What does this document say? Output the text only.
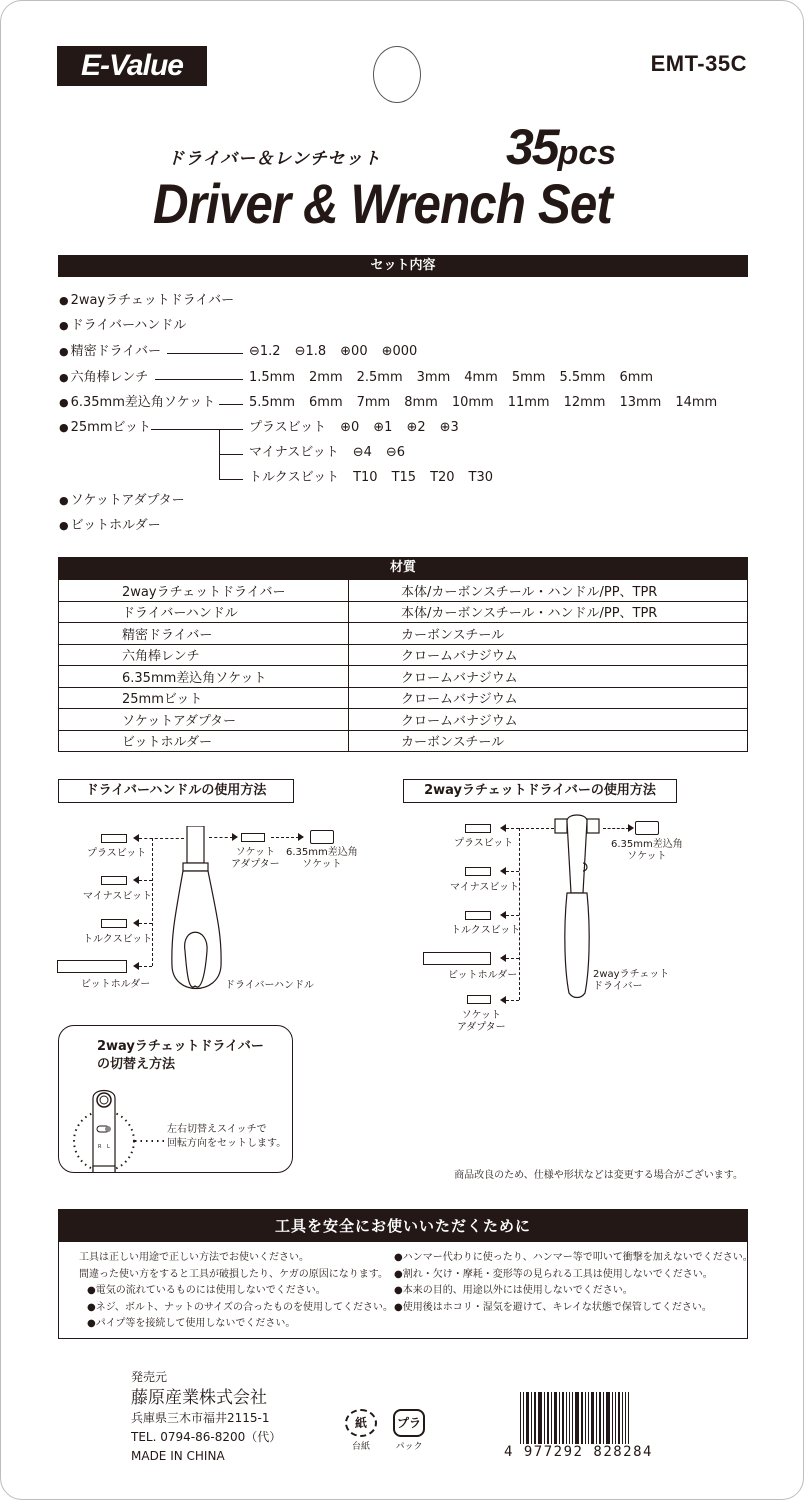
E-Value	EMT-35C
ドライバー＆レンチセット 35pcs
Driver & Wrench Set
セット内容
● 2wayラチェットドライバー
● ドライバーハンドル
● 精密ドライバー	⊖1.2 ⊖1.8 ⊕00 ⊕000
● 六角棒レンチ	1.5mm 2mm 2.5mm 3mm 4mm 5mm 5.5mm 6mm
● 6.35mm差込角ソケット	5.5mm 6mm 7mm 8mm 10mm 11mm 12mm 13mm 14mm
● 25mmビット	プラスビット ⊕0 ⊕1 ⊕2 ⊕3
マイナスビット ⊖4 ⊖6
トルクスビット T10 T15 T20 T30
● ソケットアダプター
● ビットホルダー
材質
2wayラチェットドライバー	本体/カーボンスチール・ハンドル/PP、TPR
ドライバーハンドル	本体/カーボンスチール・ハンドル/PP、TPR
精密ドライバー	カーボンスチール
六角棒レンチ	クロームバナジウム
6.35mm差込角ソケット	クロームバナジウム
25mmビット	クロームバナジウム
ソケットアダプター	クロームバナジウム
ビットホルダー	カーボンスチール
ドライバーハンドルの使用方法
プラスビット
マイナスビット
トルクスビット
ビットホルダー	ドライバーハンドル
ソケット
アダプター
6.35mm差込角
ソケット
2wayラチェットドライバーの使用方法
プラスビット
マイナスビット
トルクスビット
ビットホルダー
ソケット
アダプター
2wayラチェット
ドライバー
6.35mm差込角
ソケット
2wayラチェットドライバー
の切替え方法
R L
左右切替えスイッチで
回転方向をセットします。
商品改良のため、仕様や形状などは変更する場合がございます。
工具を安全にお使いいただくために
工具は正しい用途で正しい方法でお使いください。
間違った使い方をすると工具が破損したり、ケガの原因になります。
●電気の流れているものには使用しないでください。
●ネジ、ボルト、ナットのサイズの合ったものを使用してください。
●パイプ等を接続して使用しないでください。
●ハンマー代わりに使ったり、ハンマー等で叩いて衝撃を加えないでください。
●割れ・欠け・摩耗・変形等の見られる工具は使用しないでください。
●本来の目的、用途以外には使用しないでください。
●使用後はホコリ・湿気を避けて、キレイな状態で保管してください。
発売元
藤原産業株式会社
兵庫県三木市福井2115-1
TEL. 0794-86-8200（代）
MADE IN CHINA
紙
台紙
プラ
パック	4 977292 828284
